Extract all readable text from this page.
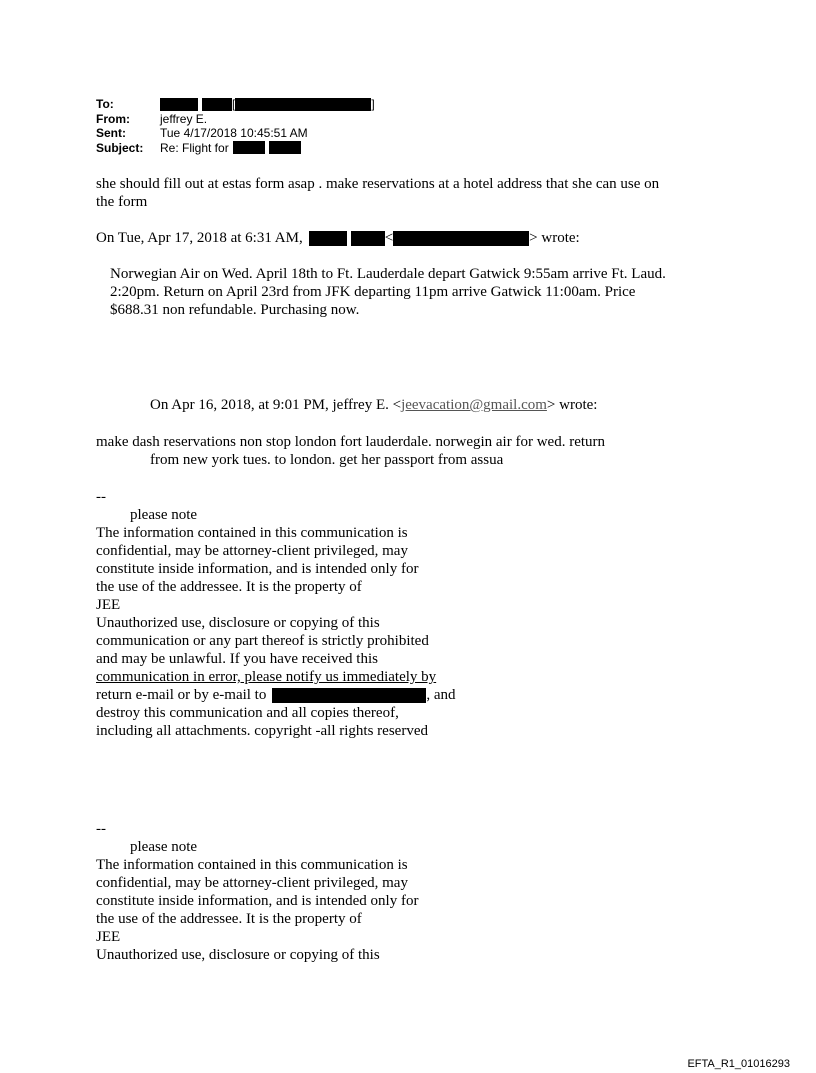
To:	[	]
From:	jeffrey E.
Sent:	Tue 4/17/2018 10:45:51 AM
Subject:	Re: Flight for
she should fill out at estas form asap . make reservations at a hotel address that she can use on
the form
On Tue, Apr 17, 2018 at 6:31 AM,	<	> wrote:
Norwegian Air on Wed. April 18th to Ft. Lauderdale depart Gatwick 9:55am arrive Ft. Laud.
2:20pm. Return on April 23rd from JFK departing 11pm arrive Gatwick 11:00am. Price
$688.31 non refundable. Purchasing now.
On Apr 16, 2018, at 9:01 PM, jeffrey E. <jeevacation@gmail.com> wrote:
make dash reservations non stop london fort lauderdale. norwegin air for wed. return
from new york tues. to london. get her passport from assua
--
please note
The information contained in this communication is
confidential, may be attorney-client privileged, may
constitute inside information, and is intended only for
the use of the addressee. It is the property of
JEE
Unauthorized use, disclosure or copying of this
communication or any part thereof is strictly prohibited
and may be unlawful. If you have received this
communication in error, please notify us immediately by
return e-mail or by e-mail to	, and
destroy this communication and all copies thereof,
including all attachments. copyright -all rights reserved
--
please note
The information contained in this communication is
confidential, may be attorney-client privileged, may
constitute inside information, and is intended only for
the use of the addressee. It is the property of
JEE
Unauthorized use, disclosure or copying of this
EFTA_R1_01016293
